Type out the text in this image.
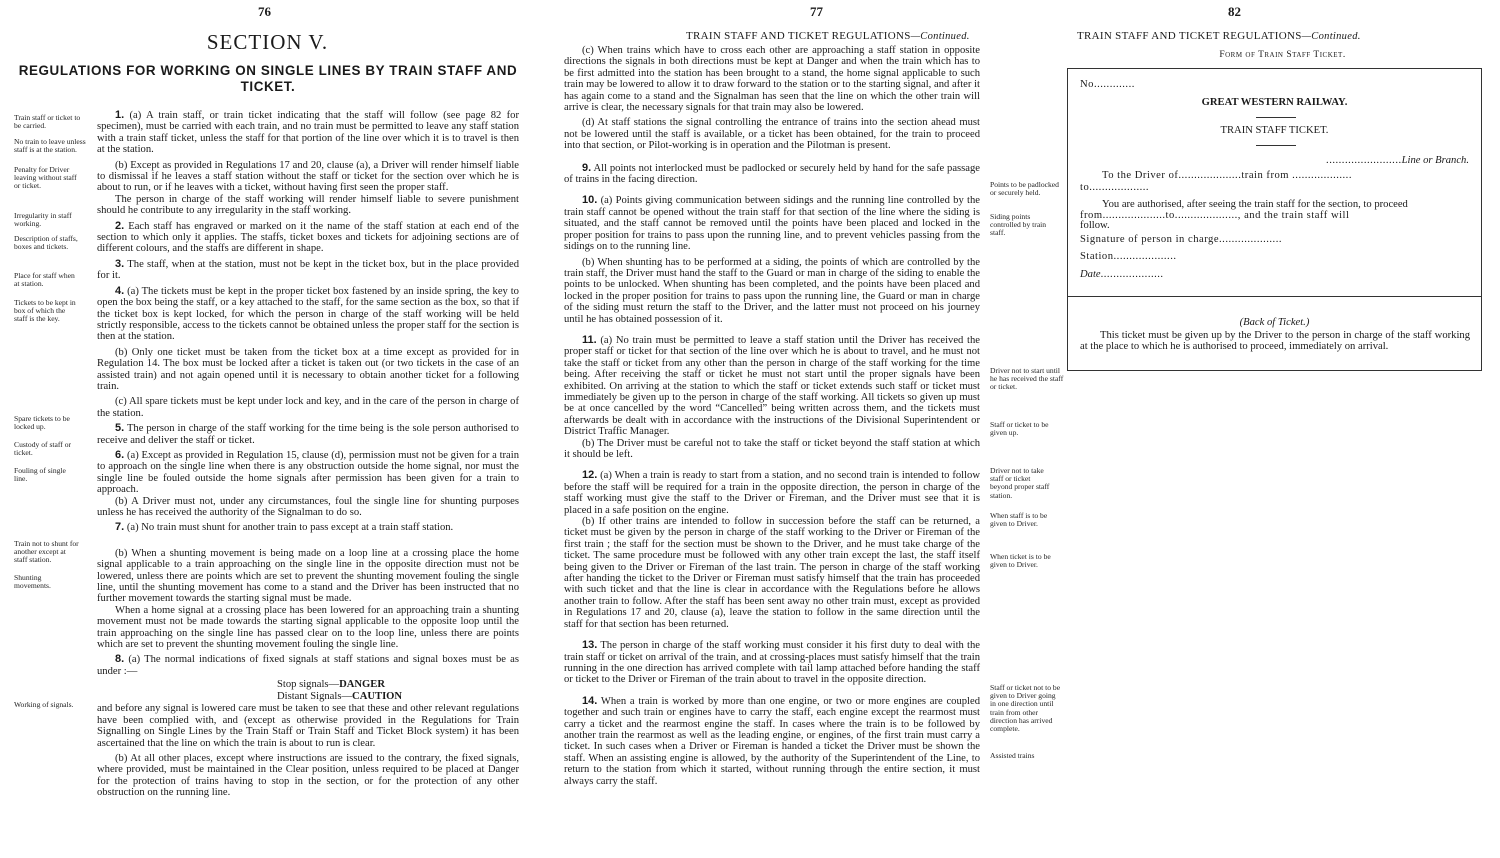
76
SECTION V.
REGULATIONS FOR WORKING ON SINGLE LINES BY TRAIN STAFF AND TICKET.
Train staff or ticket to be carried.
No train to leave unless staff is at the station.
Penalty for Driver leaving without staff or ticket.
Irregularity in staff working.
Description of staffs, boxes and tickets.
Place for staff when at station.
Tickets to be kept in box of which the staff is the key.
Spare tickets to be locked up.
Custody of staff or ticket.
Fouling of single line.
Train not to shunt for another except at staff station.
Shunting movements.
Working of signals.

1. (a) A train staff, or train ticket indicating that the staff will follow (see page 82 for specimen), must be carried with each train, and no train must be permitted to leave any staff station with a train staff ticket, unless the staff for that portion of the line over which it is to travel is then at the station.

(b) Except as provided in Regulations 17 and 20, clause (a), a Driver will render himself liable to dismissal if he leaves a staff station without the staff or ticket for the section over which he is about to run, or if he leaves with a ticket, without having first seen the proper staff.

The person in charge of the staff working will render himself liable to severe punishment should he contribute to any irregularity in the staff working.

2. Each staff has engraved or marked on it the name of the staff station at each end of the section to which only it applies. The staffs, ticket boxes and tickets for adjoining sections are of different colours, and the staffs are different in shape.

3. The staff, when at the station, must not be kept in the ticket box, but in the place provided for it.

4. (a) The tickets must be kept in the proper ticket box fastened by an inside spring, the key to open the box being the staff, or a key attached to the staff, for the same section as the box, so that if the ticket box is kept locked, for which the person in charge of the staff working will be held strictly responsible, access to the tickets cannot be obtained unless the proper staff for the section is then at the station.

(b) Only one ticket must be taken from the ticket box at a time except as provided for in Regulation 14. The box must be locked after a ticket is taken out (or two tickets in the case of an assisted train) and not again opened until it is necessary to obtain another ticket for a following train.

(c) All spare tickets must be kept under lock and key, and in the care of the person in charge of the station.

5. The person in charge of the staff working for the time being is the sole person authorised to receive and deliver the staff or ticket.

6. (a) Except as provided in Regulation 15, clause (d), permission must not be given for a train to approach on the single line when there is any obstruction outside the home signal, nor must the single line be fouled outside the home signals after permission has been given for a train to approach.

(b) A Driver must not, under any circumstances, foul the single line for shunting purposes unless he has received the authority of the Signalman to do so.

7. (a) No train must shunt for another train to pass except at a train staff station.

(b) When a shunting movement is being made on a loop line at a crossing place the home signal applicable to a train approaching on the single line in the opposite direction must not be lowered, unless there are points which are set to prevent the shunting movement fouling the single line, until the shunting movement has come to a stand and the Driver has been instructed that no further movement towards the starting signal must be made.

When a home signal at a crossing place has been lowered for an approaching train a shunting movement must not be made towards the starting signal applicable to the opposite loop until the train approaching on the single line has passed clear on to the loop line, unless there are points which are set to prevent the shunting movement fouling the single line.

8. (a) The normal indications of fixed signals at staff stations and signal boxes must be as under :—

Stop signals—DANGER
Distant Signals—CAUTION

and before any signal is lowered care must be taken to see that these and other relevant regulations have been complied with, and (except as otherwise provided in the Regulations for Train Signalling on Single Lines by the Train Staff or Train Staff and Ticket Block system) it has been ascertained that the line on which the train is about to run is clear.

(b) At all other places, except where instructions are issued to the contrary, the fixed signals, where provided, must be maintained in the Clear position, unless required to be placed at Danger for the protection of trains having to stop in the section, or for the protection of any other obstruction on the running line.

77
TRAIN STAFF AND TICKET REGULATIONS—Continued.
Points to be padlocked or securely held.
Siding points controlled by train staff.
Driver not to start until he has received the staff or ticket.
Staff or ticket to be given up.
Driver not to take staff or ticket beyond proper staff station.
When staff is to be given to Driver.
When ticket is to be given to Driver.
Staff or ticket not to be given to Driver going in one direction until train from other direction has arrived complete.
Assisted trains

(c) When trains which have to cross each other are approaching a staff station in opposite directions the signals in both directions must be kept at Danger and when the train which has to be first admitted into the station has been brought to a stand, the home signal applicable to such train may be lowered to allow it to draw forward to the station or to the starting signal, and after it has again come to a stand and the Signalman has seen that the line on which the other train will arrive is clear, the necessary signals for that train may also be lowered.

(d) At staff stations the signal controlling the entrance of trains into the section ahead must not be lowered until the staff is available, or a ticket has been obtained, for the train to proceed into that section, or Pilot-working is in operation and the Pilotman is present.

9. All points not interlocked must be padlocked or securely held by hand for the safe passage of trains in the facing direction.

10. (a) Points giving communication between sidings and the running line controlled by the train staff cannot be opened without the train staff for that section of the line where the siding is situated, and the staff cannot be removed until the points have been placed and locked in the proper position for trains to pass upon the running line, and to prevent vehicles passing from the sidings on to the running line.

(b) When shunting has to be performed at a siding, the points of which are controlled by the train staff, the Driver must hand the staff to the Guard or man in charge of the siding to enable the points to be unlocked. When shunting has been completed, and the points have been placed and locked in the proper position for trains to pass upon the running line, the Guard or man in charge of the siding must return the staff to the Driver, and the latter must not proceed on his journey until he has obtained possession of it.

11. (a) No train must be permitted to leave a staff station until the Driver has received the proper staff or ticket for that section of the line over which he is about to travel, and he must not take the staff or ticket from any other than the person in charge of the staff working for the time being. After receiving the staff or ticket he must not start until the proper signals have been exhibited. On arriving at the station to which the staff or ticket extends such staff or ticket must immediately be given up to the person in charge of the staff working. All tickets so given up must be at once cancelled by the word “Cancelled” being written across them, and the tickets must afterwards be dealt with in accordance with the instructions of the Divisional Superintendent or District Traffic Manager.

(b) The Driver must be careful not to take the staff or ticket beyond the staff station at which it should be left.

12. (a) When a train is ready to start from a station, and no second train is intended to follow before the staff will be required for a train in the opposite direction, the person in charge of the staff working must give the staff to the Driver or Fireman, and the Driver must see that it is placed in a safe position on the engine.

(b) If other trains are intended to follow in succession before the staff can be returned, a ticket must be given by the person in charge of the staff working to the Driver or Fireman of the first train ; the staff for the section must be shown to the Driver, and he must take charge of the ticket. The same procedure must be followed with any other train except the last, the staff itself being given to the Driver or Fireman of the last train. The person in charge of the staff working after handing the ticket to the Driver or Fireman must satisfy himself that the train has proceeded with such ticket and that the line is clear in accordance with the Regulations before he allows another train to follow. After the staff has been sent away no other train must, except as provided in Regulations 17 and 20, clause (a), leave the station to follow in the same direction until the staff for that section has been returned.

13. The person in charge of the staff working must consider it his first duty to deal with the train staff or ticket on arrival of the train, and at crossing-places must satisfy himself that the train running in the one direction has arrived complete with tail lamp attached before handing the staff or ticket to the Driver or Fireman of the train about to travel in the opposite direction.

14. When a train is worked by more than one engine, or two or more engines are coupled together and such train or engines have to carry the staff, each engine except the rearmost must carry a ticket and the rearmost engine the staff. In cases where the train is to be followed by another train the rearmost as well as the leading engine, or engines, of the first train must carry a ticket. In such cases when a Driver or Fireman is handed a ticket the Driver must be shown the staff. When an assisting engine is allowed, by the authority of the Superintendent of the Line, to return to the station from which it started, without running through the entire section, it must always carry the staff.

82
TRAIN STAFF AND TICKET REGULATIONS—Continued.
Form of Train Staff Ticket.
No.............
GREAT WESTERN RAILWAY.
TRAIN STAFF TICKET.
........................Line or Branch.
To the Driver of....................train from ...................
to...................
You are authorised, after seeing the train staff for the section, to proceed
from....................to...................., and the train staff will
follow.
Signature of person in charge....................
Station....................
Date....................
(Back of Ticket.)
This ticket must be given up by the Driver to the person in charge of the staff working at the place to which he is authorised to proceed, immediately on arrival.
